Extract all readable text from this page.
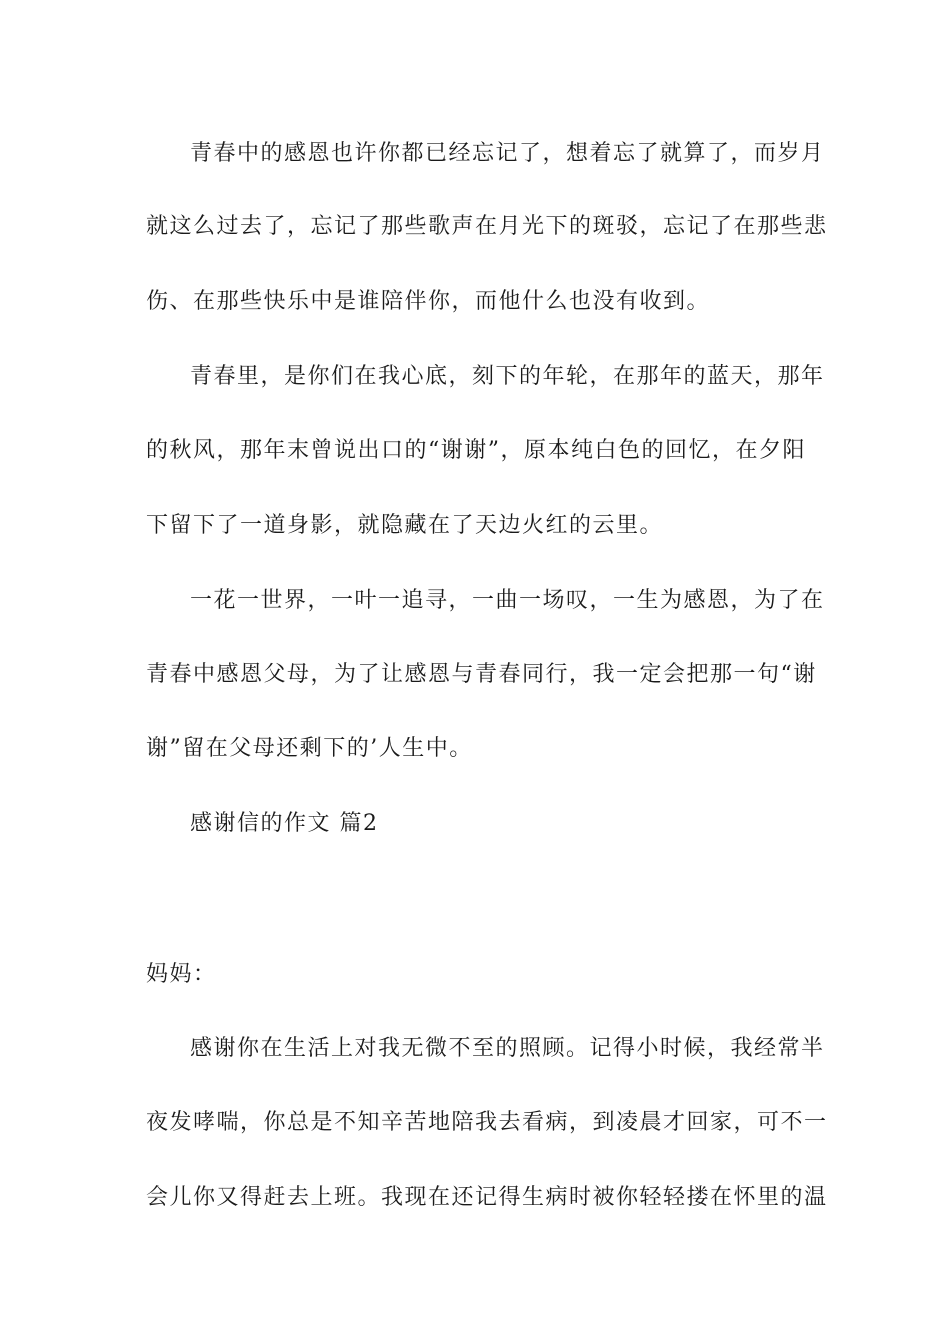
青春中的感恩也许你都已经忘记了，想着忘了就算了，而岁月
就这么过去了，忘记了那些歌声在月光下的斑驳，忘记了在那些悲
伤、在那些快乐中是谁陪伴你，而他什么也没有收到。
青春里，是你们在我心底，刻下的年轮，在那年的蓝天，那年
的秋风，那年末曾说出口的“谢谢”，原本纯白色的回忆，在夕阳
下留下了一道身影，就隐藏在了天边火红的云里。
一花一世界，一叶一追寻，一曲一场叹，一生为感恩，为了在
青春中感恩父母，为了让感恩与青春同行，我一定会把那一句“谢
谢”留在父母还剩下的’人生中。
感谢信的作文 篇2
妈妈：
感谢你在生活上对我无微不至的照顾。记得小时候，我经常半
夜发哮喘，你总是不知辛苦地陪我去看病，到凌晨才回家，可不一
会儿你又得赶去上班。我现在还记得生病时被你轻轻搂在怀里的温
